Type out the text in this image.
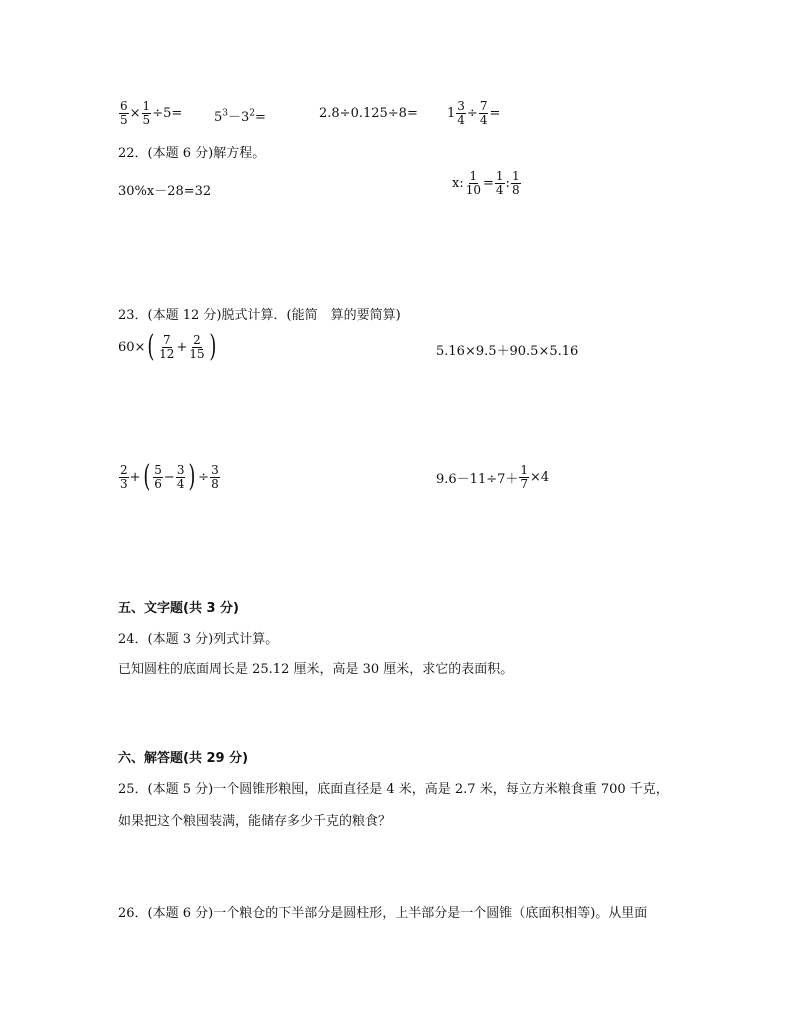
$\frac{6}{5} \times \frac{1}{5} \div 5= 5^3-3^2=$	$2.8\div 0.125\div 8= 1 \frac{3}{4} \div \frac{7}{4}$ =
22．(本题 6 分)解方程。
30%x－28=32
x: $\frac{1}{10} = \frac{1}{4}$ : $\frac{1}{8}$
23．(本题 12 分)脱式计算．(能简　算的要简算)
60× ( $\frac{7}{12} + \frac{2}{15}$ )	5.16×9.5＋90.5×5.16
$\frac{2}{3}$ + ( $\frac{5}{6} - \frac{3}{4}$ ) ÷ $\frac{3}{8}$	$9.6-11\div 7+ \frac{1}{7} \times 4$
五、文字题(共 3 分)
24．(本题 3 分)列式计算。
已知圆柱的底面周长是 25.12 厘米，高是 30 厘米，求它的表面积。
六、解答题(共 29 分)
25．(本题 5 分)一个圆锥形粮囤，底面直径是 4 米，高是 2.7 米，每立方米粮食重 700 千克，
如果把这个粮囤装满，能储存多少千克的粮食？
26．(本题 6 分)一个粮仓的下半部分是圆柱形，上半部分是一个圆锥（底面积相等)。从里面
